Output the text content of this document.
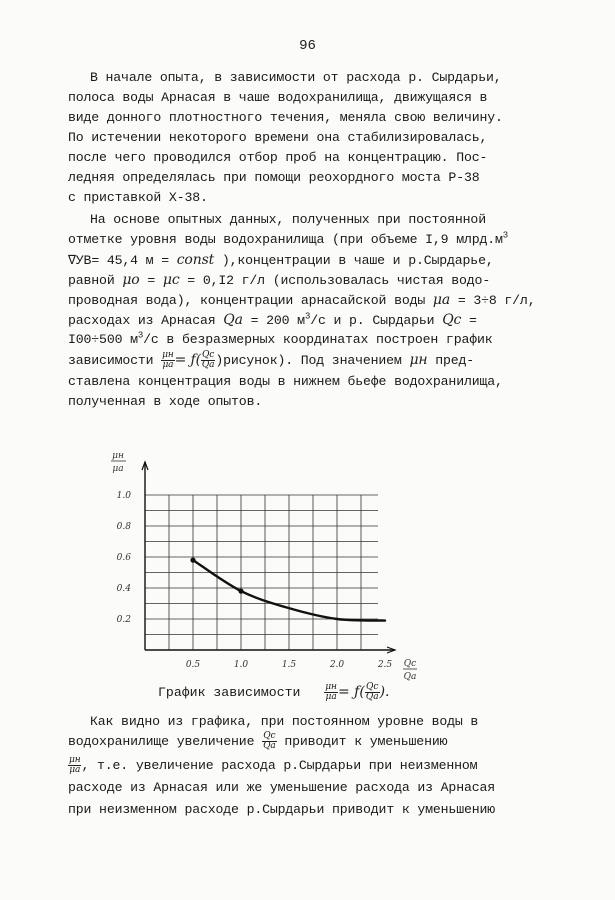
96
В начале опыта, в зависимости от расхода р. Сырдарьи,
полоса воды Арнасая в чаше водохранилища, движущаяся в
виде донного плотностного течения, меняла свою величину.
По истечении некоторого времени она стабилизировалась,
после чего проводился отбор проб на концентрацию. Пос-
ледняя определялась при помощи реохордного моста Р-38
с приставкой Х-38.
На основе опытных данных, полученных при постоянной
отметке уровня воды водохранилища (при объеме I,9 $млрд.м^3$
∇УВ= 45,4 м = const ),концентрации в чаше и р.Сырдарье,
равной μо = μс = 0,I2 г/л (использовалась чистая водо-
проводная вода), концентрации арнасайской воды μа = 3÷8 г/л,
расходах из Арнасая Qа = 200 $м^3/с$ и р. Сырдарьи Qс =
I00÷500 $м^3/с$ в безразмерных координатах построен график
зависимости $\frac{\mu н}{\mu а}$ = ƒ( $\frac{Qс}{Qа}$ )рисунок). Под значением μн пред-
ставлена концентрация воды в нижнем бьефе водохранилища,
полученная в ходе опытов.
0.5	1.0	1.5	2.0	2.5
0.2
0.4
0.6
0.8
1.0
μн
μа
Qс
Qа
График зависимости	$\frac{\mu н}{\mu а}$ = ƒ( $\frac{Qс}{Qа}$ ).
Как видно из графика, при постоянном уровне воды в
водохранилище увеличение $\frac{Qс}{Qа}$ приводит к уменьшению
$\frac{\mu н}{\mu а}$ , т.е. увеличение расхода р.Сырдарьи при неизменном
расходе из Арнасая или же уменьшение расхода из Арнасая
при неизменном расходе р.Сырдарьи приводит к уменьшению
